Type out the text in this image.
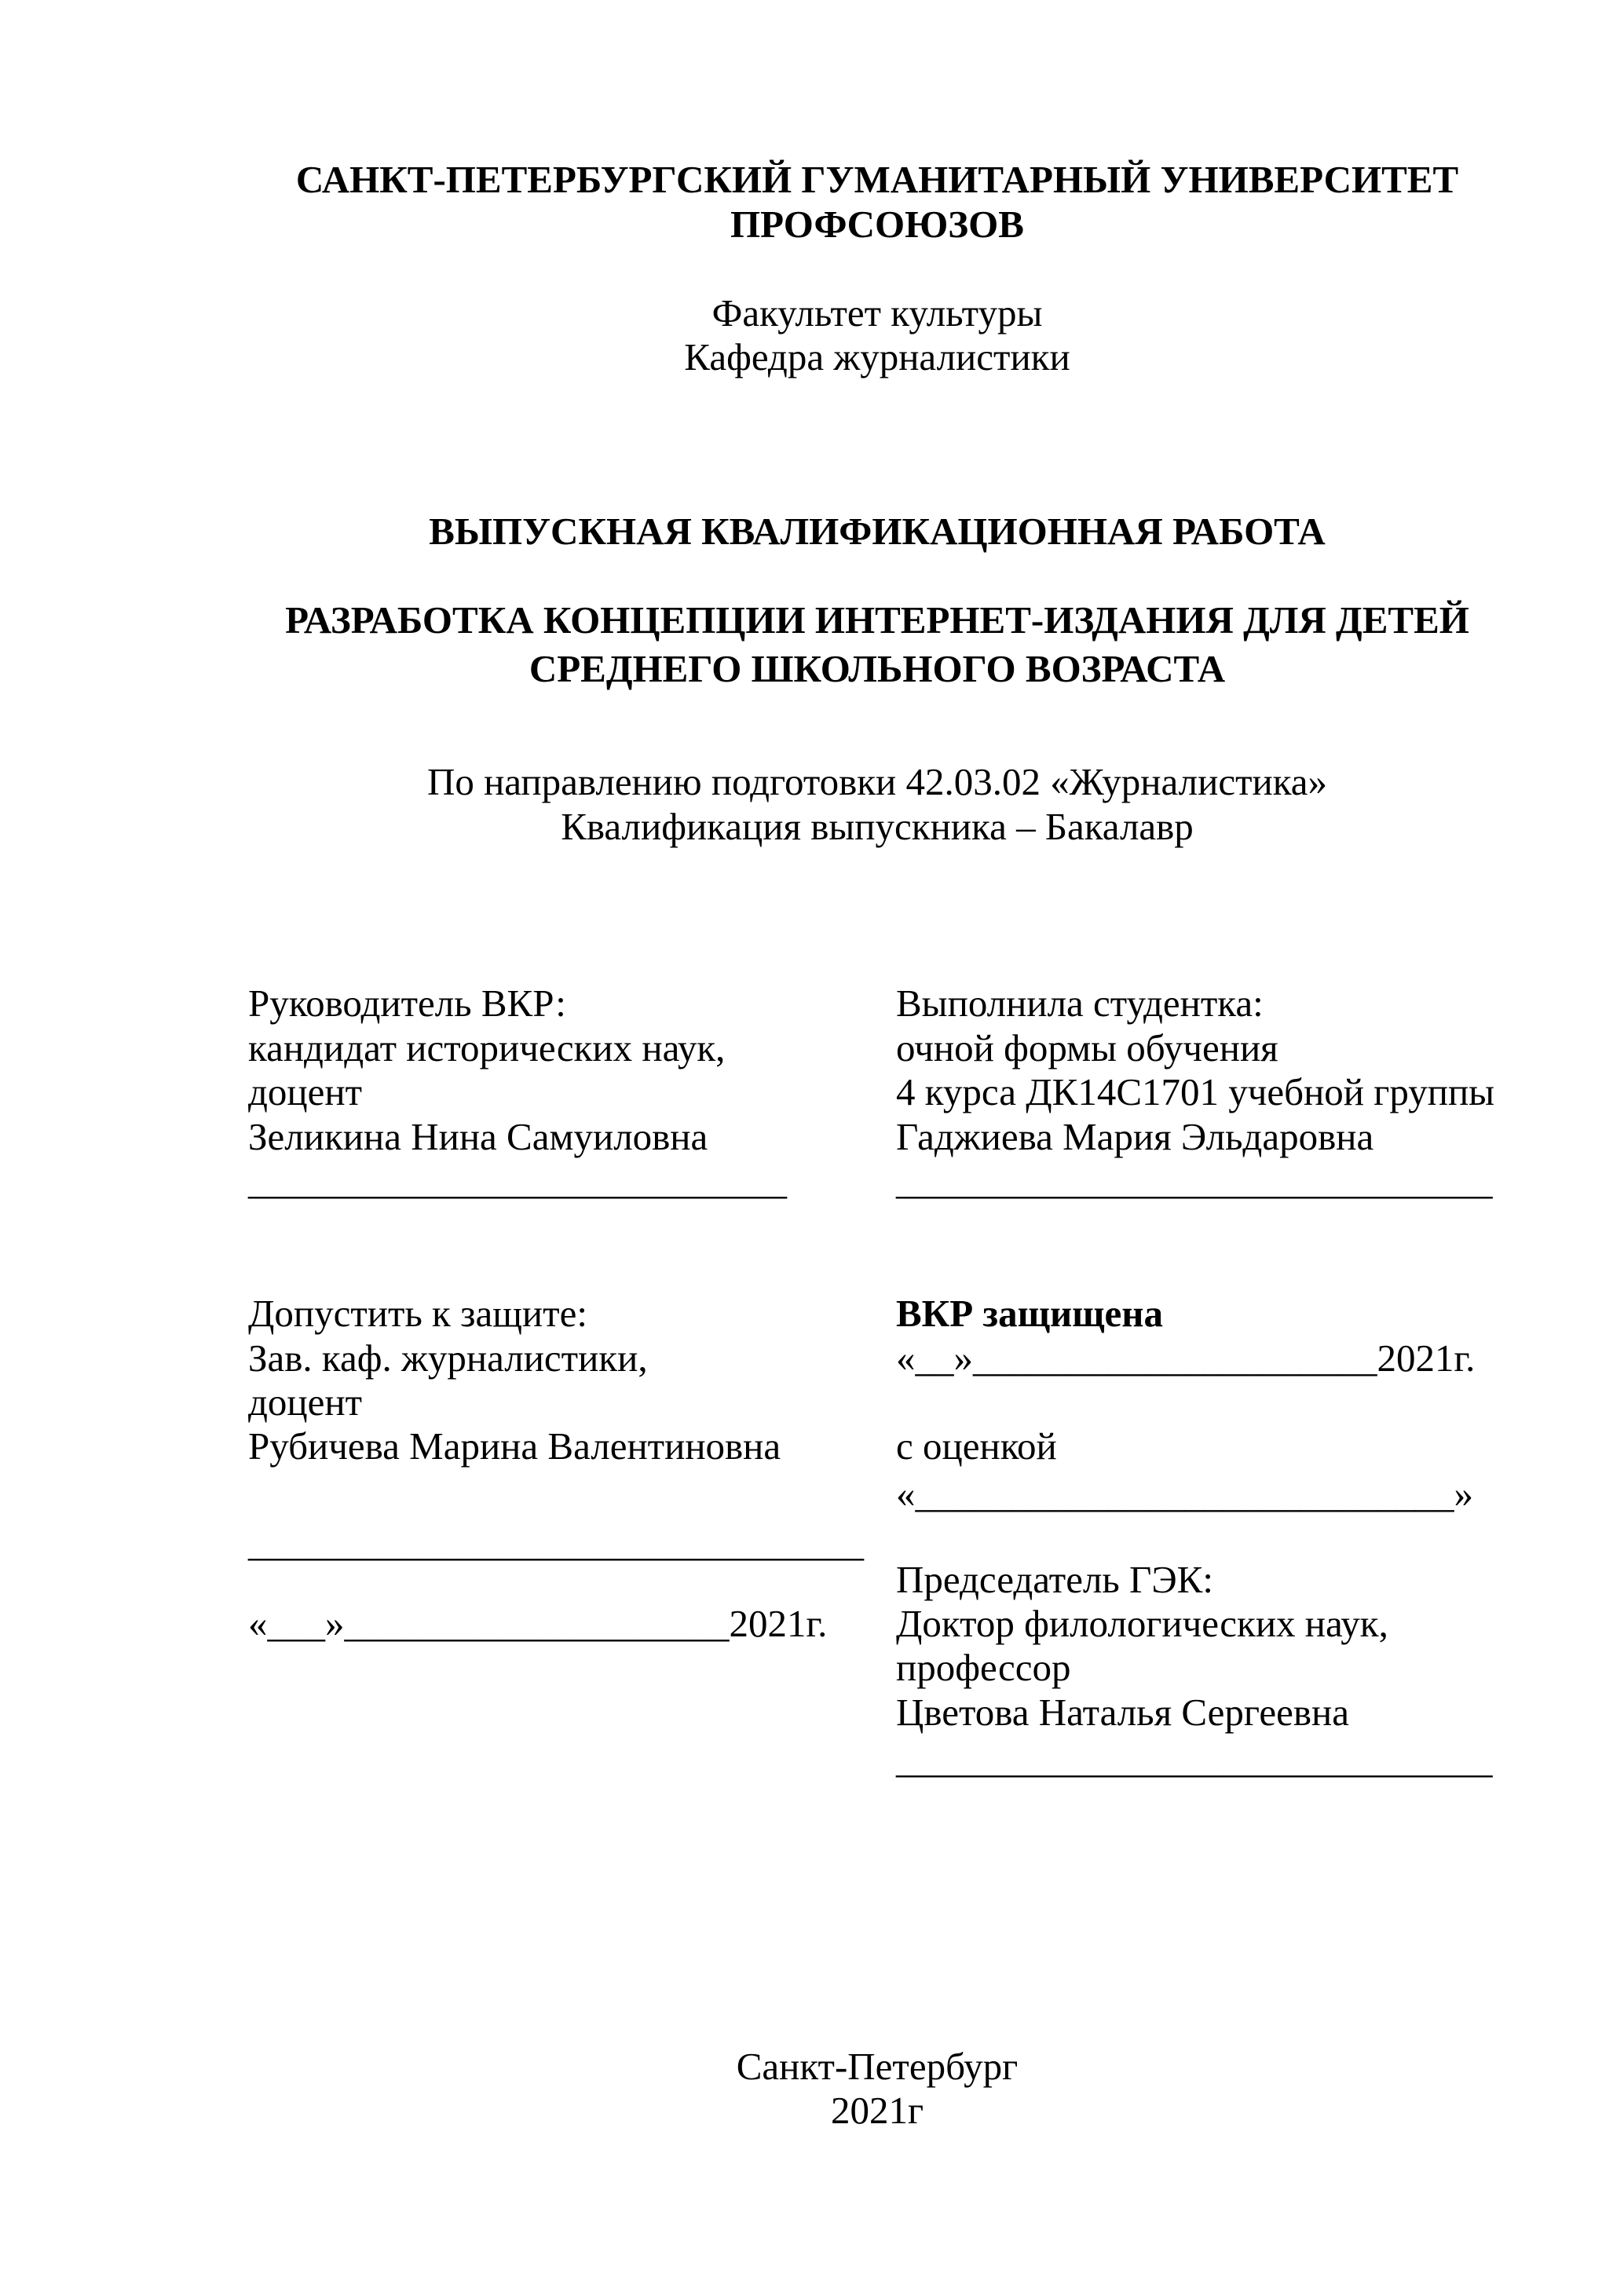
САНКТ-ПЕТЕРБУРГСКИЙ ГУМАНИТАРНЫЙ УНИВЕРСИТЕТ
ПРОФСОЮЗОВ
Факультет культуры
Кафедра журналистики
ВЫПУСКНАЯ КВАЛИФИКАЦИОННАЯ РАБОТА
РАЗРАБОТКА КОНЦЕПЦИИ ИНТЕРНЕТ-ИЗДАНИЯ ДЛЯ ДЕТЕЙ
СРЕДНЕГО ШКОЛЬНОГО ВОЗРАСТА
По направлению подготовки 42.03.02 «Журналистика»
Квалификация выпускника – Бакалавр
Руководитель ВКР:
кандидат исторических наук,
доцент
Зеликина Нина Самуиловна
____________________________
Выполнила студентка:
очной формы обучения
4 курса ДК14С1701 учебной группы
Гаджиева Мария Эльдаровна
_______________________________
Допустить к защите:
Зав. каф. журналистики,
доцент
Рубичева Марина Валентиновна
________________________________
«___»____________________2021г.
ВКР защищена
«__»_____________________2021г.
с оценкой
«____________________________»
Председатель ГЭК:
Доктор филологических наук,
профессор
Цветова Наталья Сергеевна
_______________________________
Санкт-Петербург
2021г
